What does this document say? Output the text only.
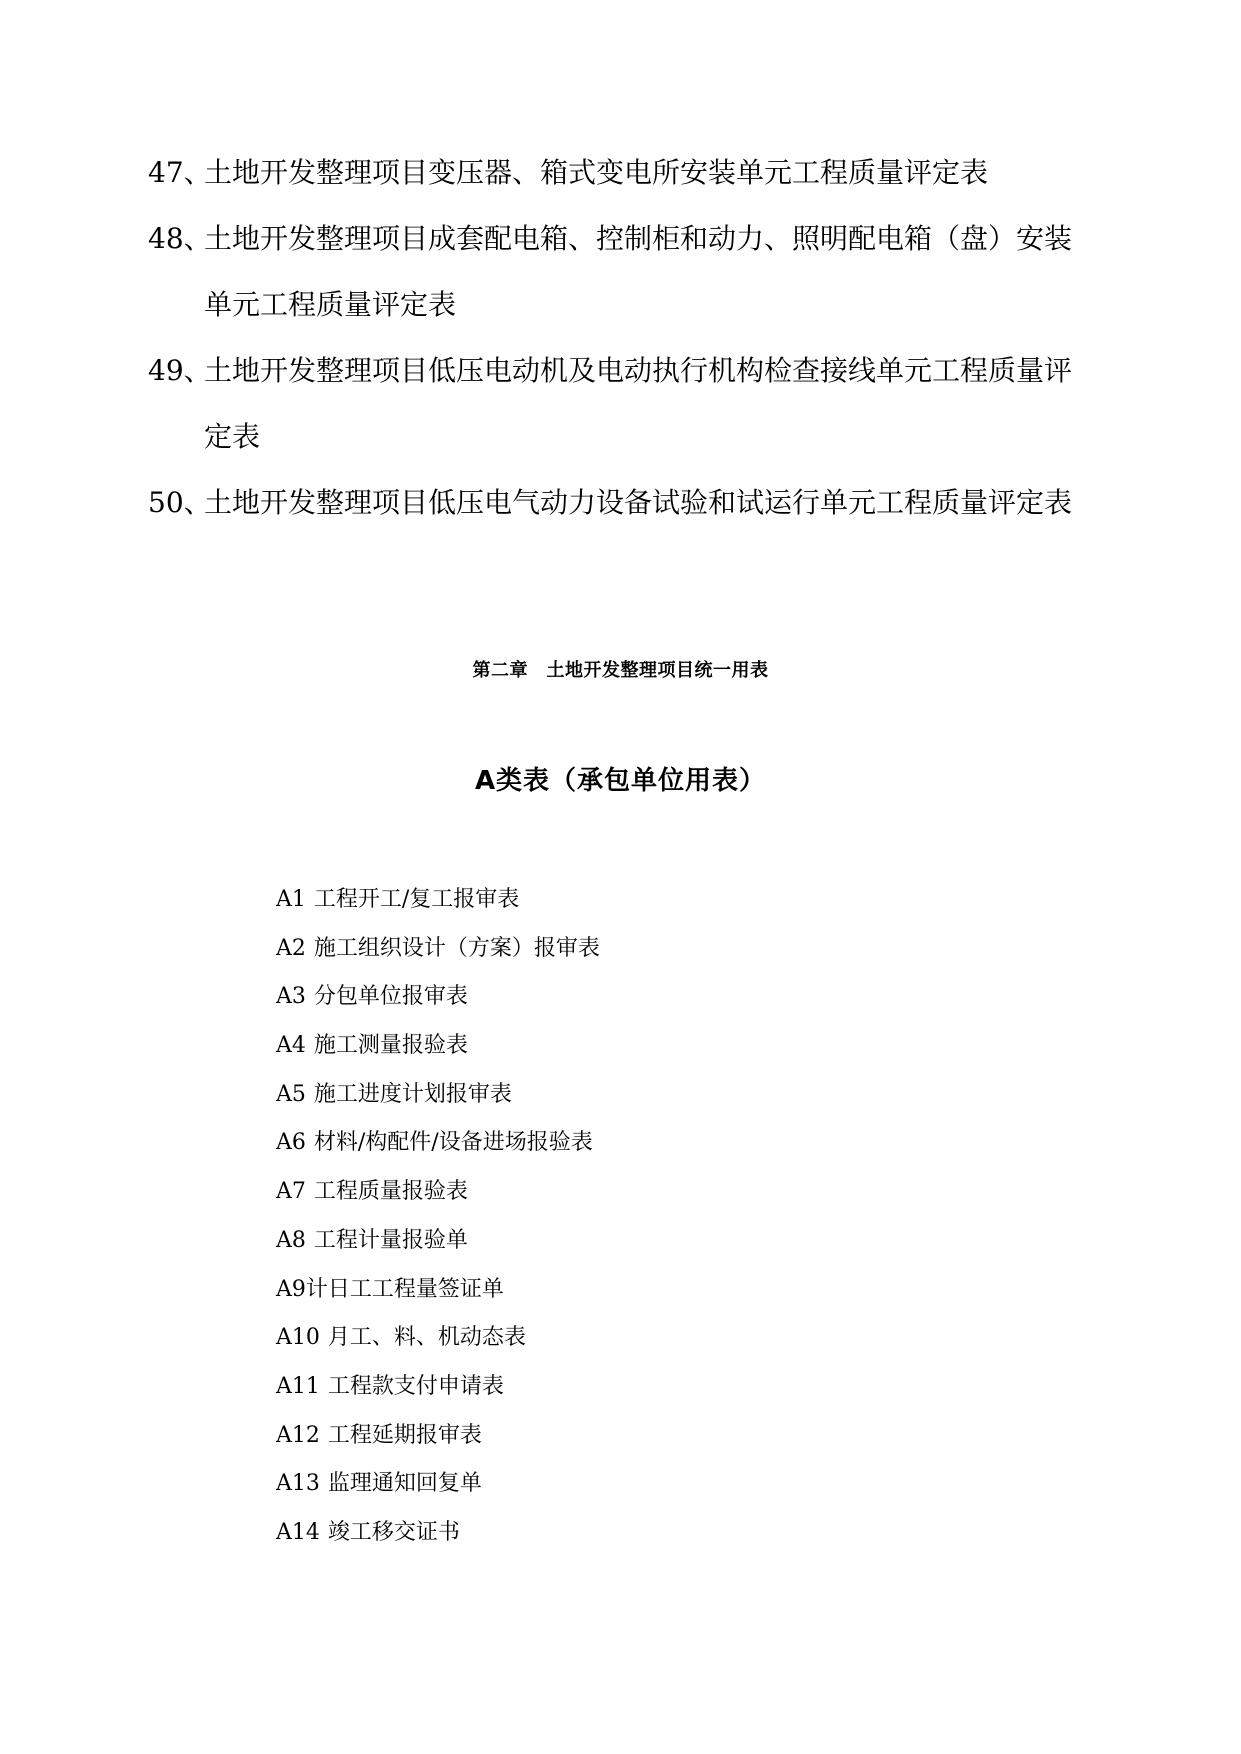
47、土地开发整理项目变压器、箱式变电所安装单元工程质量评定表
48、土地开发整理项目成套配电箱、控制柜和动力、照明配电箱（盘）安装
单元工程质量评定表
49、土地开发整理项目低压电动机及电动执行机构检查接线单元工程质量评
定表
50、土地开发整理项目低压电气动力设备试验和试运行单元工程质量评定表
第二章　土地开发整理项目统一用表
A类表（承包单位用表）
A1 工程开工/复工报审表
A2 施工组织设计（方案）报审表
A3 分包单位报审表
A4 施工测量报验表
A5 施工进度计划报审表
A6 材料/构配件/设备进场报验表
A7 工程质量报验表
A8 工程计量报验单
A9计日工工程量签证单
A10 月工、料、机动态表
A11 工程款支付申请表
A12 工程延期报审表
A13 监理通知回复单
A14 竣工移交证书
